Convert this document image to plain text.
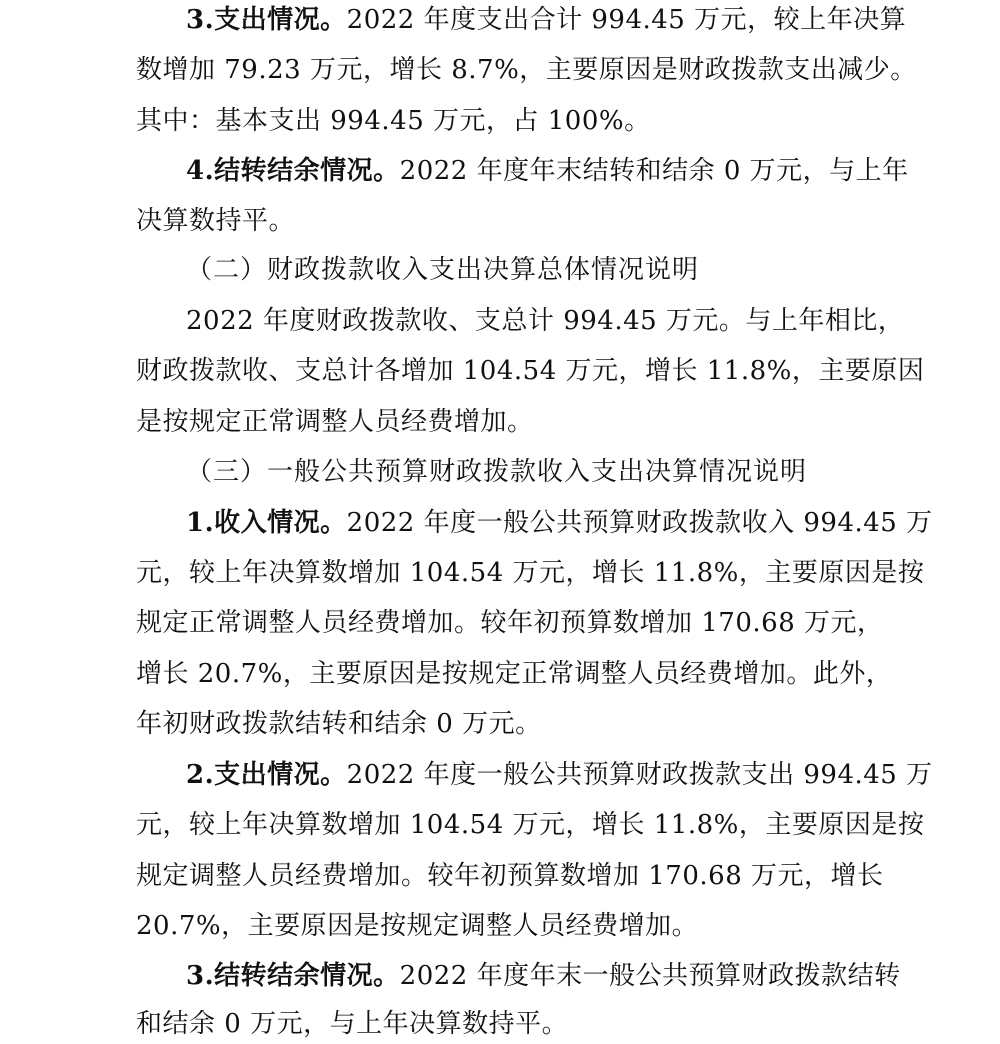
3.支出情况。2022 年度支出合计 994.45 万元，较上年决算
数增加 79.23 万元，增长 8.7%，主要原因是财政拨款支出减少。
其中：基本支出 994.45 万元，占 100%。
4.结转结余情况。2022 年度年末结转和结余 0 万元，与上年
决算数持平。
（二）财政拨款收入支出决算总体情况说明
2022 年度财政拨款收、支总计 994.45 万元。与上年相比，
财政拨款收、支总计各增加 104.54 万元，增长 11.8%，主要原因
是按规定正常调整人员经费增加。
（三）一般公共预算财政拨款收入支出决算情况说明
1.收入情况。2022 年度一般公共预算财政拨款收入 994.45 万
元，较上年决算数增加 104.54 万元，增长 11.8%，主要原因是按
规定正常调整人员经费增加。较年初预算数增加 170.68 万元，
增长 20.7%，主要原因是按规定正常调整人员经费增加。此外，
年初财政拨款结转和结余 0 万元。
2.支出情况。2022 年度一般公共预算财政拨款支出 994.45 万
元，较上年决算数增加 104.54 万元，增长 11.8%，主要原因是按
规定调整人员经费增加。较年初预算数增加 170.68 万元，增长
20.7%，主要原因是按规定调整人员经费增加。
3.结转结余情况。2022 年度年末一般公共预算财政拨款结转
和结余 0 万元，与上年决算数持平。
